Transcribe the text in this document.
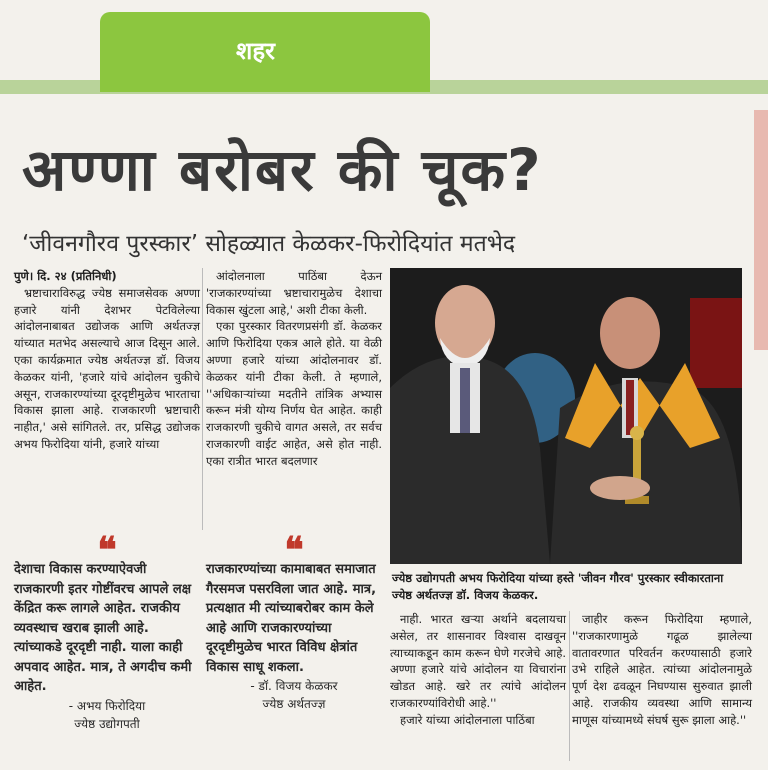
शहर
अण्णा बरोबर की चूक?
‘जीवनगौरव पुरस्कार’ सोहळ्यात केळकर-फिरोदियांत मतभेद
पुणे। दि. २४ (प्रतिनिधी)

भ्रष्टाचाराविरुद्ध ज्येष्ठ समाजसेवक अण्णा हजारे यांनी देशभर पेटविलेल्या आंदोलनाबाबत उद्योजक आणि अर्थतज्ज्ञ यांच्यात मतभेद असल्याचे आज दिसून आले. एका कार्यक्रमात ज्येष्ठ अर्थतज्ज्ञ डॉ. विजय केळकर यांनी, 'हजारे यांचे आंदोलन चुकीचे असून, राजकारण्यांच्या दूरदृष्टीमुळेच भारताचा विकास झाला आहे. राजकारणी भ्रष्टाचारी नाहीत,' असे सांगितले. तर, प्रसिद्ध उद्योजक अभय फिरोदिया यांनी, हजारे यांच्या

आंदोलनाला पाठिंबा देऊन 'राजकारण्यांच्या भ्रष्टाचारामुळेच देशाचा विकास खुंटला आहे,' अशी टीका केली.

एका पुरस्कार वितरणप्रसंगी डॉ. केळकर आणि फिरोदिया एकत्र आले होते. या वेळी अण्णा हजारे यांच्या आंदोलनावर डॉ. केळकर यांनी टीका केली. ते म्हणाले, ''अधिकाऱ्यांच्या मदतीने तांत्रिक अभ्यास करून मंत्री योग्य निर्णय घेत आहेत. काही राजकारणी चुकीचे वागत असले, तर सर्वच राजकारणी वाईट आहेत, असे होत नाही. एका रात्रीत भारत बदलणार

ज्येष्ठ उद्योगपती अभय फिरोदिया यांच्या हस्ते 'जीवन गौरव' पुरस्कार स्वीकारताना ज्येष्ठ अर्थतज्ज्ञ डॉ. विजय केळकर.
❝
देशाचा विकास करण्याऐवजी राजकारणी इतर गोष्टींवरच आपले लक्ष केंद्रित करू लागले आहेत. राजकीय व्यवस्थाच खराब झाली आहे. त्यांच्याकडे दूरदृष्टी नाही. याला काही अपवाद आहेत. मात्र, ते अगदीच कमी आहेत.
- अभय फिरोदिया
ज्येष्ठ उद्योगपती
❝
राजकारण्यांच्या कामाबाबत समाजात गैरसमज पसरविला जात आहे. मात्र, प्रत्यक्षात मी त्यांच्याबरोबर काम केले आहे आणि राजकारण्यांच्या दूरदृष्टीमुळेच भारत विविध क्षेत्रांत विकास साधू शकला.
- डॉ. विजय केळकर
ज्येष्ठ अर्थतज्ज्ञ

नाही. भारत खऱ्या अर्थाने बदलायचा असेल, तर शासनावर विश्वास दाखवून त्याच्याकडून काम करून घेणे गरजेचे आहे. अण्णा हजारे यांचे आंदोलन या विचारांना खोडत आहे. खरे तर त्यांचे आंदोलन राजकारण्यांविरोधी आहे.''

हजारे यांच्या आंदोलनाला पाठिंबा

जाहीर करून फिरोदिया म्हणाले, ''राजकारणामुळे गढूळ झालेल्या वातावरणात परिवर्तन करण्यासाठी हजारे उभे राहिले आहेत. त्यांच्या आंदोलनामुळे पूर्ण देश ढवळून निघण्यास सुरुवात झाली आहे. राजकीय व्यवस्था आणि सामान्य माणूस यांच्यामध्ये संघर्ष सुरू झाला आहे.''
